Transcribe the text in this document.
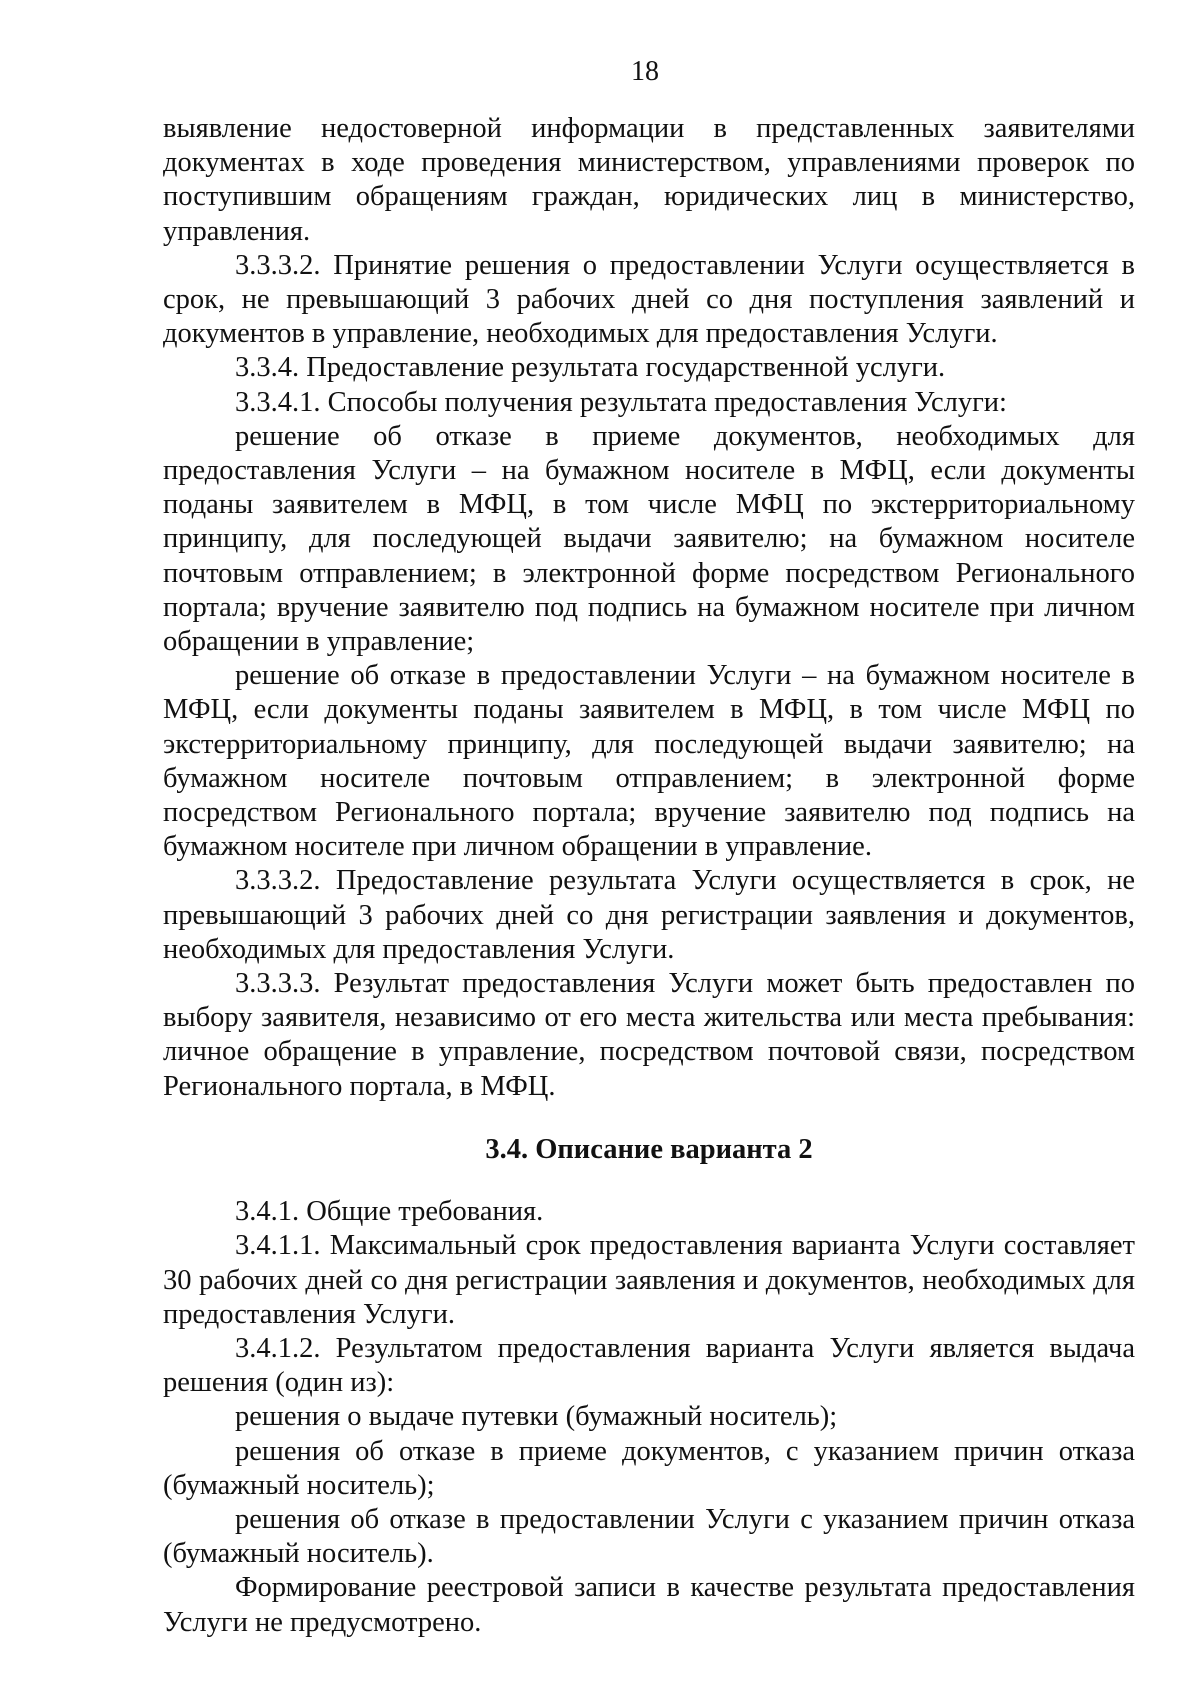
18

выявление недостоверной информации в представленных заявителями документах в ходе проведения министерством, управлениями проверок по поступившим обращениям граждан, юридических лиц в министерство, управления.

3.3.3.2. Принятие решения о предоставлении Услуги осуществляется в срок, не превышающий 3 рабочих дней со дня поступления заявлений и документов в управление, необходимых для предоставления Услуги.

3.3.4. Предоставление результата государственной услуги.

3.3.4.1. Способы получения результата предоставления Услуги:

решение об отказе в приеме документов, необходимых для предоставления Услуги – на бумажном носителе в МФЦ, если документы поданы заявителем в МФЦ, в том числе МФЦ по экстерриториальному принципу, для последующей выдачи заявителю; на бумажном носителе почтовым отправлением; в электронной форме посредством Регионального портала; вручение заявителю под подпись на бумажном носителе при личном обращении в управление;

решение об отказе в предоставлении Услуги – на бумажном носителе в МФЦ, если документы поданы заявителем в МФЦ, в том числе МФЦ по экстерриториальному принципу, для последующей выдачи заявителю; на бумажном носителе почтовым отправлением; в электронной форме посредством Регионального портала; вручение заявителю под подпись на бумажном носителе при личном обращении в управление.

3.3.3.2. Предоставление результата Услуги осуществляется в срок, не превышающий 3 рабочих дней со дня регистрации заявления и документов, необходимых для предоставления Услуги.

3.3.3.3. Результат предоставления Услуги может быть предоставлен по выбору заявителя, независимо от его места жительства или места пребывания: личное обращение в управление, посредством почтовой связи, посредством Регионального портала, в МФЦ.

3.4. Описание варианта 2

3.4.1. Общие требования.

3.4.1.1. Максимальный срок предоставления варианта Услуги составляет 30 рабочих дней со дня регистрации заявления и документов, необходимых для предоставления Услуги.

3.4.1.2. Результатом предоставления варианта Услуги является выдача решения (один из):

решения о выдаче путевки (бумажный носитель);

решения об отказе в приеме документов, с указанием причин отказа (бумажный носитель);

решения об отказе в предоставлении Услуги с указанием причин отказа (бумажный носитель).

Формирование реестровой записи в качестве результата предоставления Услуги не предусмотрено.
